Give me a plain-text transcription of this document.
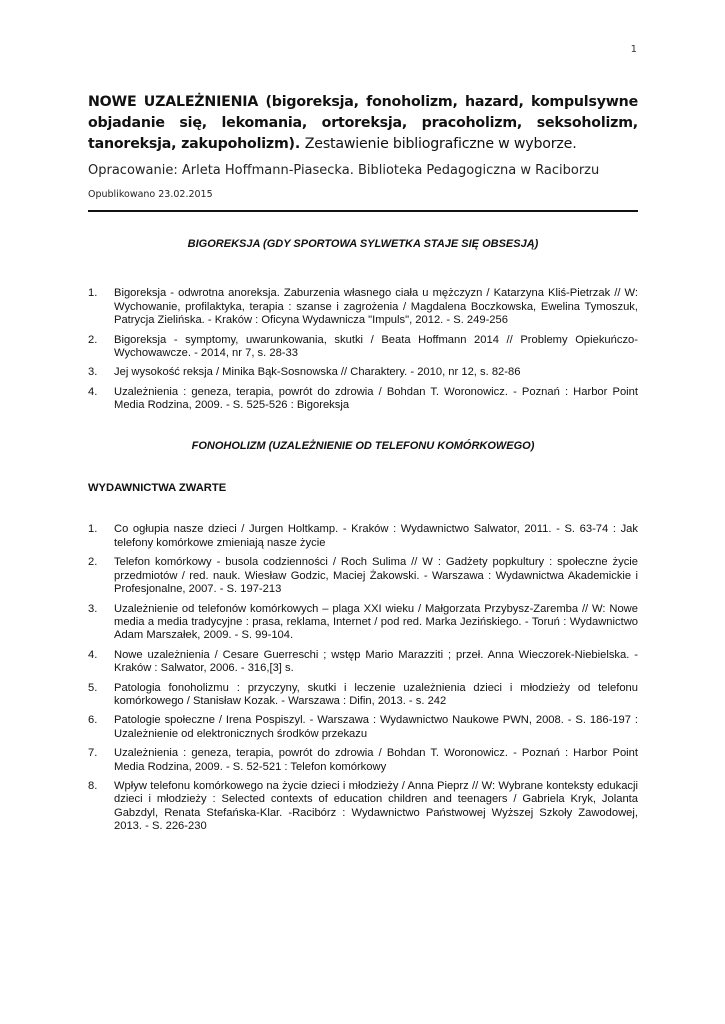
1

NOWE UZALEŻNIENIA (bigoreksja, fonoholizm, hazard, kompulsywne objadanie się, lekomania, ortoreksja, pracoholizm, seksoholizm, tanoreksja, zakupoholizm). Zestawienie bibliograficzne w wyborze.

Opracowanie: Arleta Hoffmann-Piasecka. Biblioteka Pedagogiczna w Raciborzu
Opublikowano 23.02.2015

BIGOREKSJA (GDY SPORTOWA SYLWETKA STAJE SIĘ OBSESJĄ)

1.	Bigoreksja - odwrotna anoreksja. Zaburzenia własnego ciała u mężczyzn / Katarzyna Kliś-Pietrzak // W: Wychowanie, profilaktyka, terapia : szanse i zagrożenia / Magdalena Boczkowska, Ewelina Tymoszuk, Patrycja Zielińska. - Kraków : Oficyna Wydawnicza "Impuls", 2012. - S. 249-256
2.	Bigoreksja - symptomy, uwarunkowania, skutki / Beata Hoffmann 2014 // Problemy Opiekuńczo-Wychowawcze. - 2014, nr 7, s. 28-33
3.	Jej wysokość reksja / Minika Bąk-Sosnowska // Charaktery. - 2010, nr 12, s. 82-86
4.	Uzależnienia : geneza, terapia, powrót do zdrowia / Bohdan T. Woronowicz. - Poznań : Harbor Point Media Rodzina, 2009. - S. 525-526 : Bigoreksja

FONOHOLIZM (UZALEŻNIENIE OD TELEFONU KOMÓRKOWEGO)

WYDAWNICTWA ZWARTE

1.	Co ogłupia nasze dzieci / Jurgen Holtkamp. - Kraków : Wydawnictwo Salwator, 2011. - S. 63-74 : Jak telefony komórkowe zmieniają nasze życie
2.	Telefon komórkowy - busola codzienności / Roch Sulima // W : Gadżety popkultury : społeczne życie przedmiotów / red. nauk. Wiesław Godzic, Maciej Żakowski. - Warszawa : Wydawnictwa Akademickie i Profesjonalne, 2007. - S. 197-213
3.	Uzależnienie od telefonów komórkowych – plaga XXI wieku / Małgorzata Przybysz-Zaremba // W: Nowe media a media tradycyjne : prasa, reklama, Internet / pod red. Marka Jezińskiego. - Toruń : Wydawnictwo Adam Marszałek, 2009. - S. 99-104.
4.	Nowe uzależnienia / Cesare Guerreschi ; wstęp Mario Marazziti ; przeł. Anna Wieczorek-Niebielska. - Kraków : Salwator, 2006. - 316,[3] s.
5.	Patologia fonoholizmu : przyczyny, skutki i leczenie uzależnienia dzieci i młodzieży od telefonu komórkowego / Stanisław Kozak. - Warszawa : Difin, 2013. - s. 242
6.	Patologie społeczne / Irena Pospiszyl. - Warszawa : Wydawnictwo Naukowe PWN, 2008. - S. 186-197 : Uzależnienie od elektronicznych środków przekazu
7.	Uzależnienia : geneza, terapia, powrót do zdrowia / Bohdan T. Woronowicz. - Poznań : Harbor Point Media Rodzina, 2009. - S. 52-521 : Telefon komórkowy
8.	Wpływ telefonu komórkowego na życie dzieci i młodzieży / Anna Pieprz // W: Wybrane konteksty edukacji dzieci i młodzieży : Selected contexts of education children and teenagers / Gabriela Kryk, Jolanta Gabzdyl, Renata Stefańska-Klar. -Racibórz : Wydawnictwo Państwowej Wyższej Szkoły Zawodowej, 2013. - S. 226-230
